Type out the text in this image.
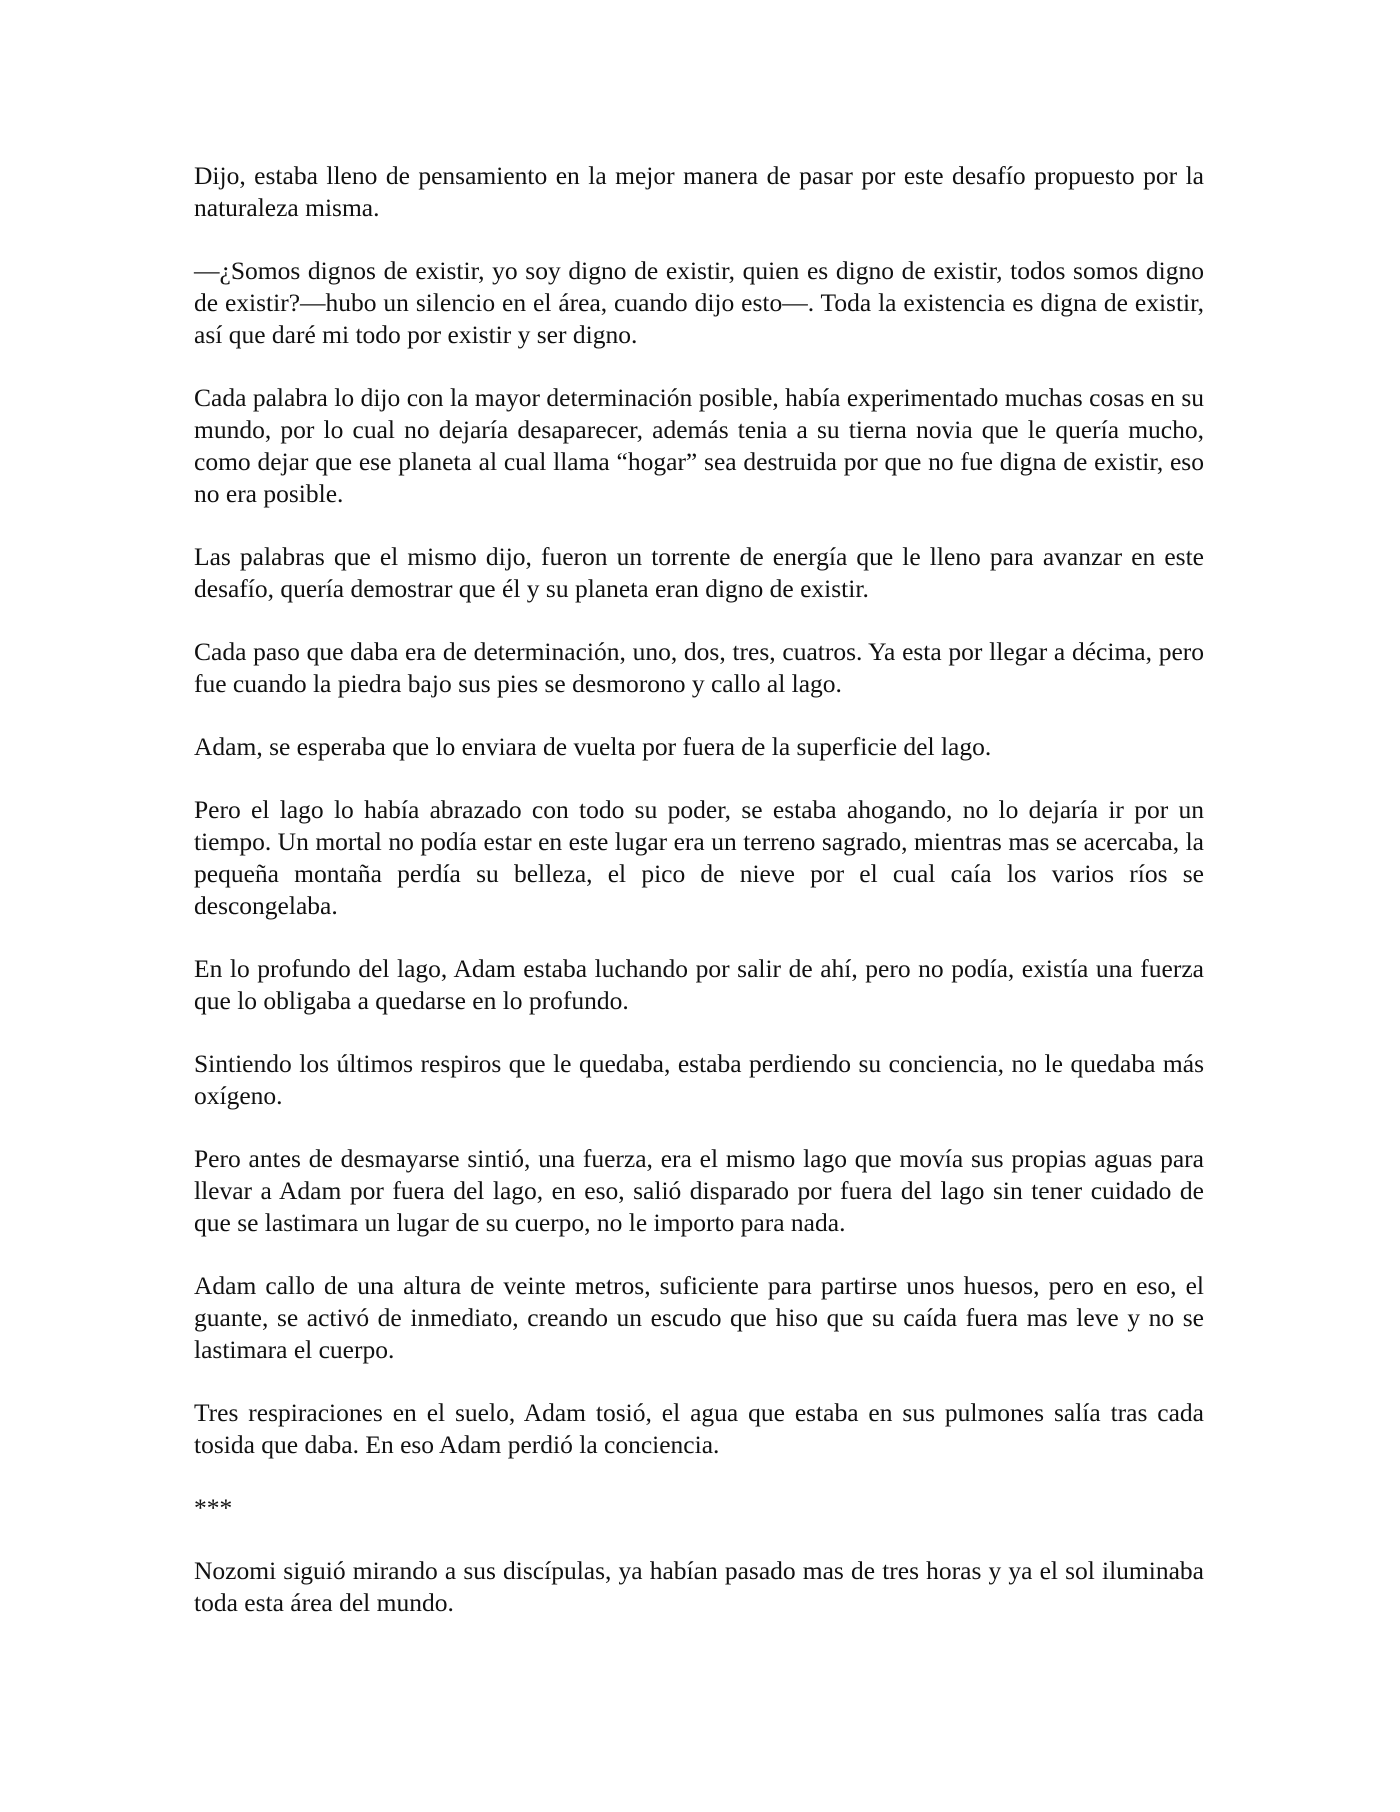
Dijo, estaba lleno de pensamiento en la mejor manera de pasar por este desafío propuesto por la naturaleza misma.

—¿Somos dignos de existir, yo soy digno de existir, quien es digno de existir, todos somos digno de existir?—hubo un silencio en el área, cuando dijo esto—. Toda la existencia es digna de existir, así que daré mi todo por existir y ser digno.

Cada palabra lo dijo con la mayor determinación posible, había experimentado muchas cosas en su mundo, por lo cual no dejaría desaparecer, además tenia a su tierna novia que le quería mucho, como dejar que ese planeta al cual llama “hogar” sea destruida por que no fue digna de existir, eso no era posible.

Las palabras que el mismo dijo, fueron un torrente de energía que le lleno para avanzar en este desafío, quería demostrar que él y su planeta eran digno de existir.

Cada paso que daba era de determinación, uno, dos, tres, cuatros. Ya esta por llegar a décima, pero fue cuando la piedra bajo sus pies se desmorono y callo al lago.

Adam, se esperaba que lo enviara de vuelta por fuera de la superficie del lago.

Pero el lago lo había abrazado con todo su poder, se estaba ahogando, no lo dejaría ir por un tiempo. Un mortal no podía estar en este lugar era un terreno sagrado, mientras mas se acercaba, la pequeña montaña perdía su belleza, el pico de nieve por el cual caía los varios ríos se descongelaba.

En lo profundo del lago, Adam estaba luchando por salir de ahí, pero no podía, existía una fuerza que lo obligaba a quedarse en lo profundo.

Sintiendo los últimos respiros que le quedaba, estaba perdiendo su conciencia, no le quedaba más oxígeno.

Pero antes de desmayarse sintió, una fuerza, era el mismo lago que movía sus propias aguas para llevar a Adam por fuera del lago, en eso, salió disparado por fuera del lago sin tener cuidado de que se lastimara un lugar de su cuerpo, no le importo para nada.

Adam callo de una altura de veinte metros, suficiente para partirse unos huesos, pero en eso, el guante, se activó de inmediato, creando un escudo que hiso que su caída fuera mas leve y no se lastimara el cuerpo.

Tres respiraciones en el suelo, Adam tosió, el agua que estaba en sus pulmones salía tras cada tosida que daba. En eso Adam perdió la conciencia.

***

Nozomi siguió mirando a sus discípulas, ya habían pasado mas de tres horas y ya el sol iluminaba toda esta área del mundo.
